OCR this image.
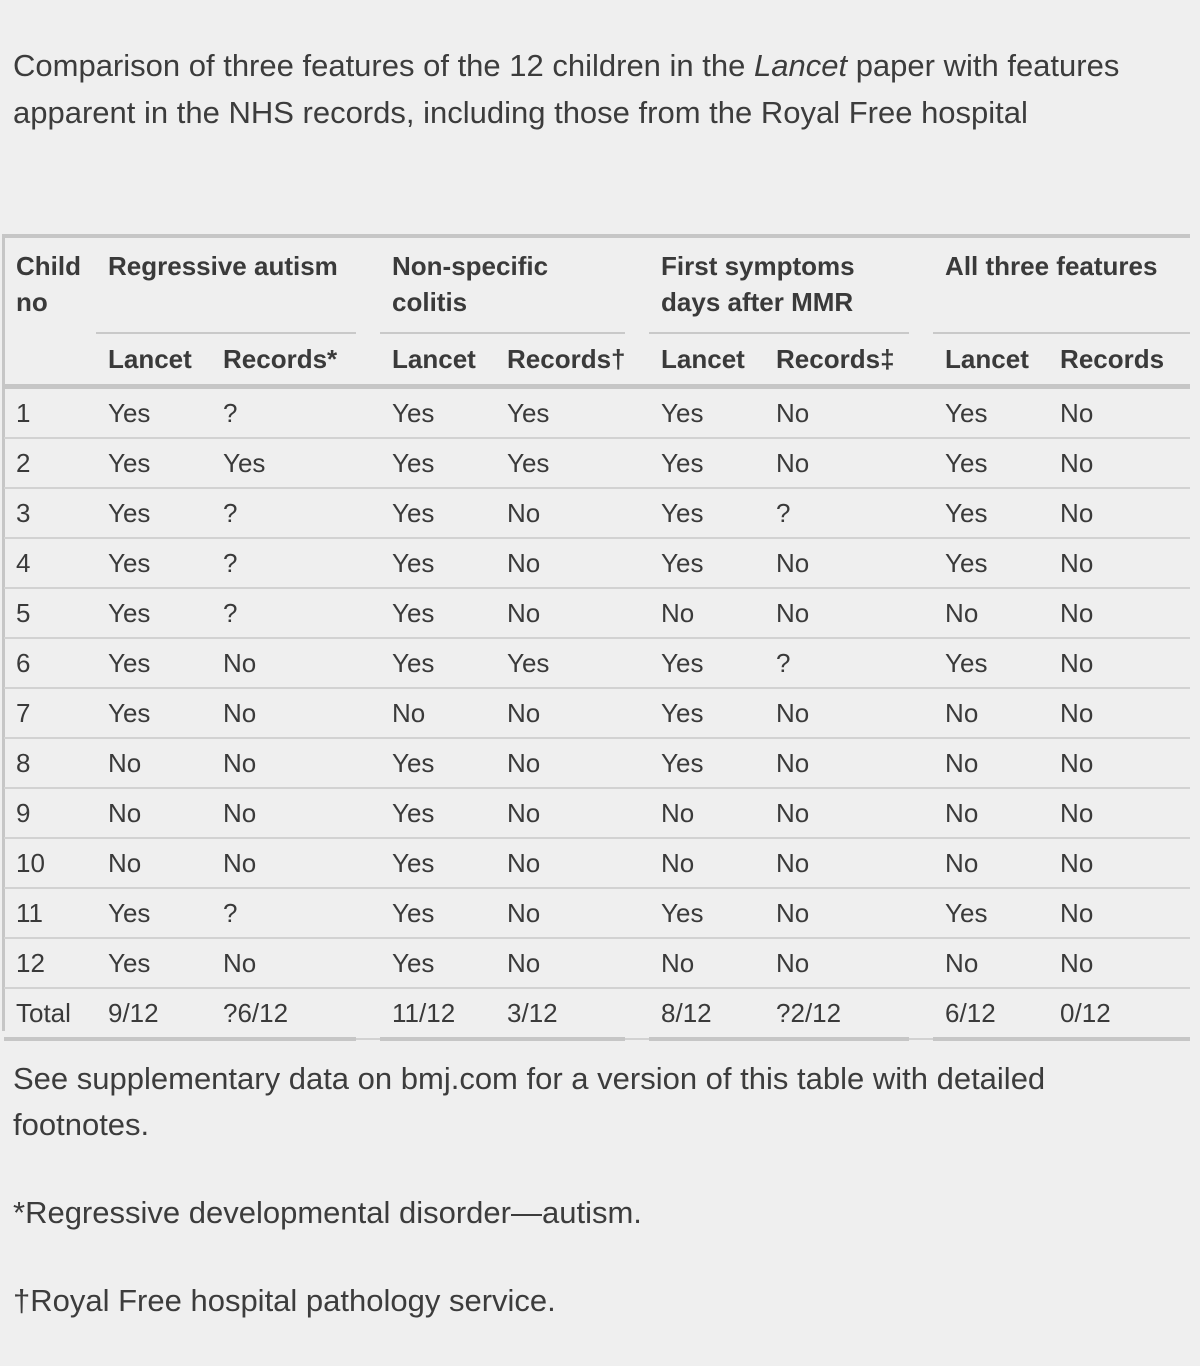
Comparison of three features of the 12 children in the Lancet paper with features apparent in the NHS records, including those from the Royal Free hospital
Child no	Regressive autism			Non-specific colitis			First symptoms days after MMR			All three features	
	Lancet	Records*		Lancet	Records†		Lancet	Records‡		Lancet	Records
1	Yes	?		Yes	Yes		Yes	No		Yes	No
2	Yes	Yes		Yes	Yes		Yes	No		Yes	No
3	Yes	?		Yes	No		Yes	?		Yes	No
4	Yes	?		Yes	No		Yes	No		Yes	No
5	Yes	?		Yes	No		No	No		No	No
6	Yes	No		Yes	Yes		Yes	?		Yes	No
7	Yes	No		No	No		Yes	No		No	No
8	No	No		Yes	No		Yes	No		No	No
9	No	No		Yes	No		No	No		No	No
10	No	No		Yes	No		No	No		No	No
11	Yes	?		Yes	No		Yes	No		Yes	No
12	Yes	No		Yes	No		No	No		No	No
Total	9/12	?6/12		11/12	3/12		8/12	?2/12		6/12	0/12

See supplementary data on bmj.com for a version of this table with detailed footnotes.

*Regressive developmental disorder—autism.

†Royal Free hospital pathology service.
